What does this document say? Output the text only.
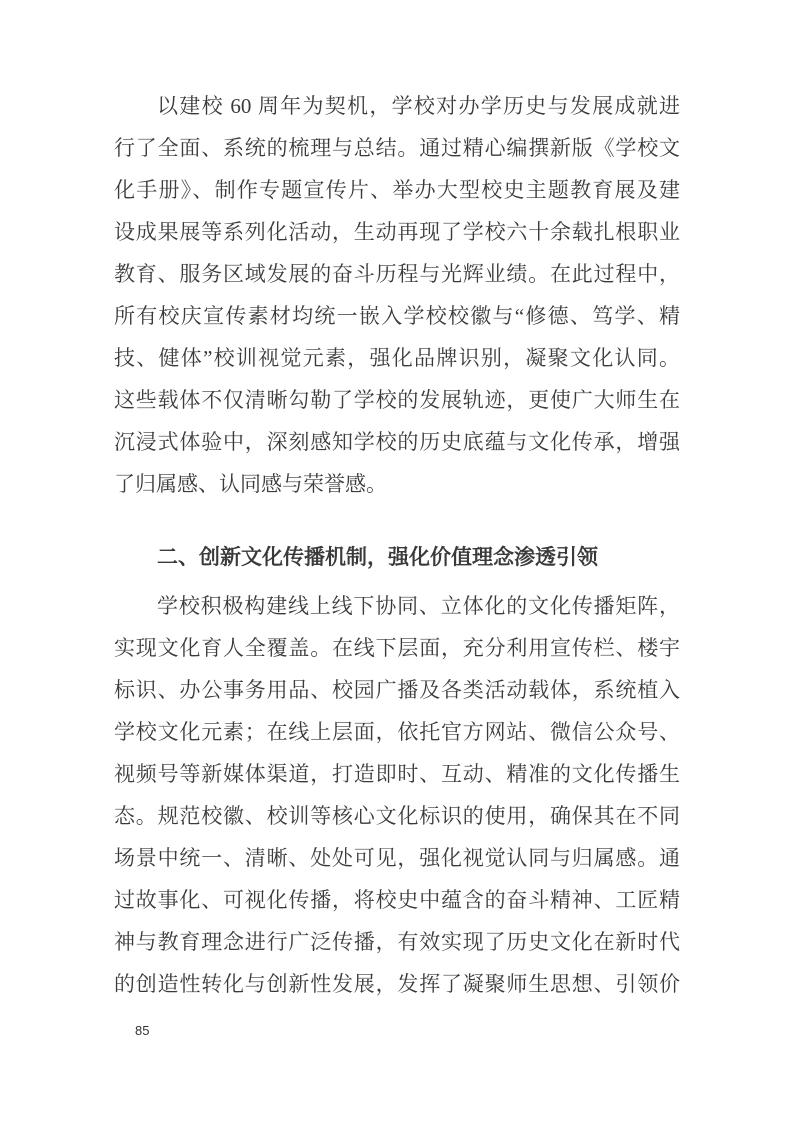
以建校 60 周年为契机，学校对办学历史与发展成就进
行了全面、系统的梳理与总结。通过精心编撰新版《学校文
化手册》、制作专题宣传片、举办大型校史主题教育展及建
设成果展等系列化活动，生动再现了学校六十余载扎根职业
教育、服务区域发展的奋斗历程与光辉业绩。在此过程中，
所有校庆宣传素材均统一嵌入学校校徽与“修德、笃学、精
技、健体”校训视觉元素，强化品牌识别，凝聚文化认同。
这些载体不仅清晰勾勒了学校的发展轨迹，更使广大师生在
沉浸式体验中，深刻感知学校的历史底蕴与文化传承，增强
了归属感、认同感与荣誉感。
二、创新文化传播机制，强化价值理念渗透引领
学校积极构建线上线下协同、立体化的文化传播矩阵，
实现文化育人全覆盖。在线下层面，充分利用宣传栏、楼宇
标识、办公事务用品、校园广播及各类活动载体，系统植入
学校文化元素；在线上层面，依托官方网站、微信公众号、
视频号等新媒体渠道，打造即时、互动、精准的文化传播生
态。规范校徽、校训等核心文化标识的使用，确保其在不同
场景中统一、清晰、处处可见，强化视觉认同与归属感。通
过故事化、可视化传播，将校史中蕴含的奋斗精神、工匠精
神与教育理念进行广泛传播，有效实现了历史文化在新时代
的创造性转化与创新性发展，发挥了凝聚师生思想、引领价
85
